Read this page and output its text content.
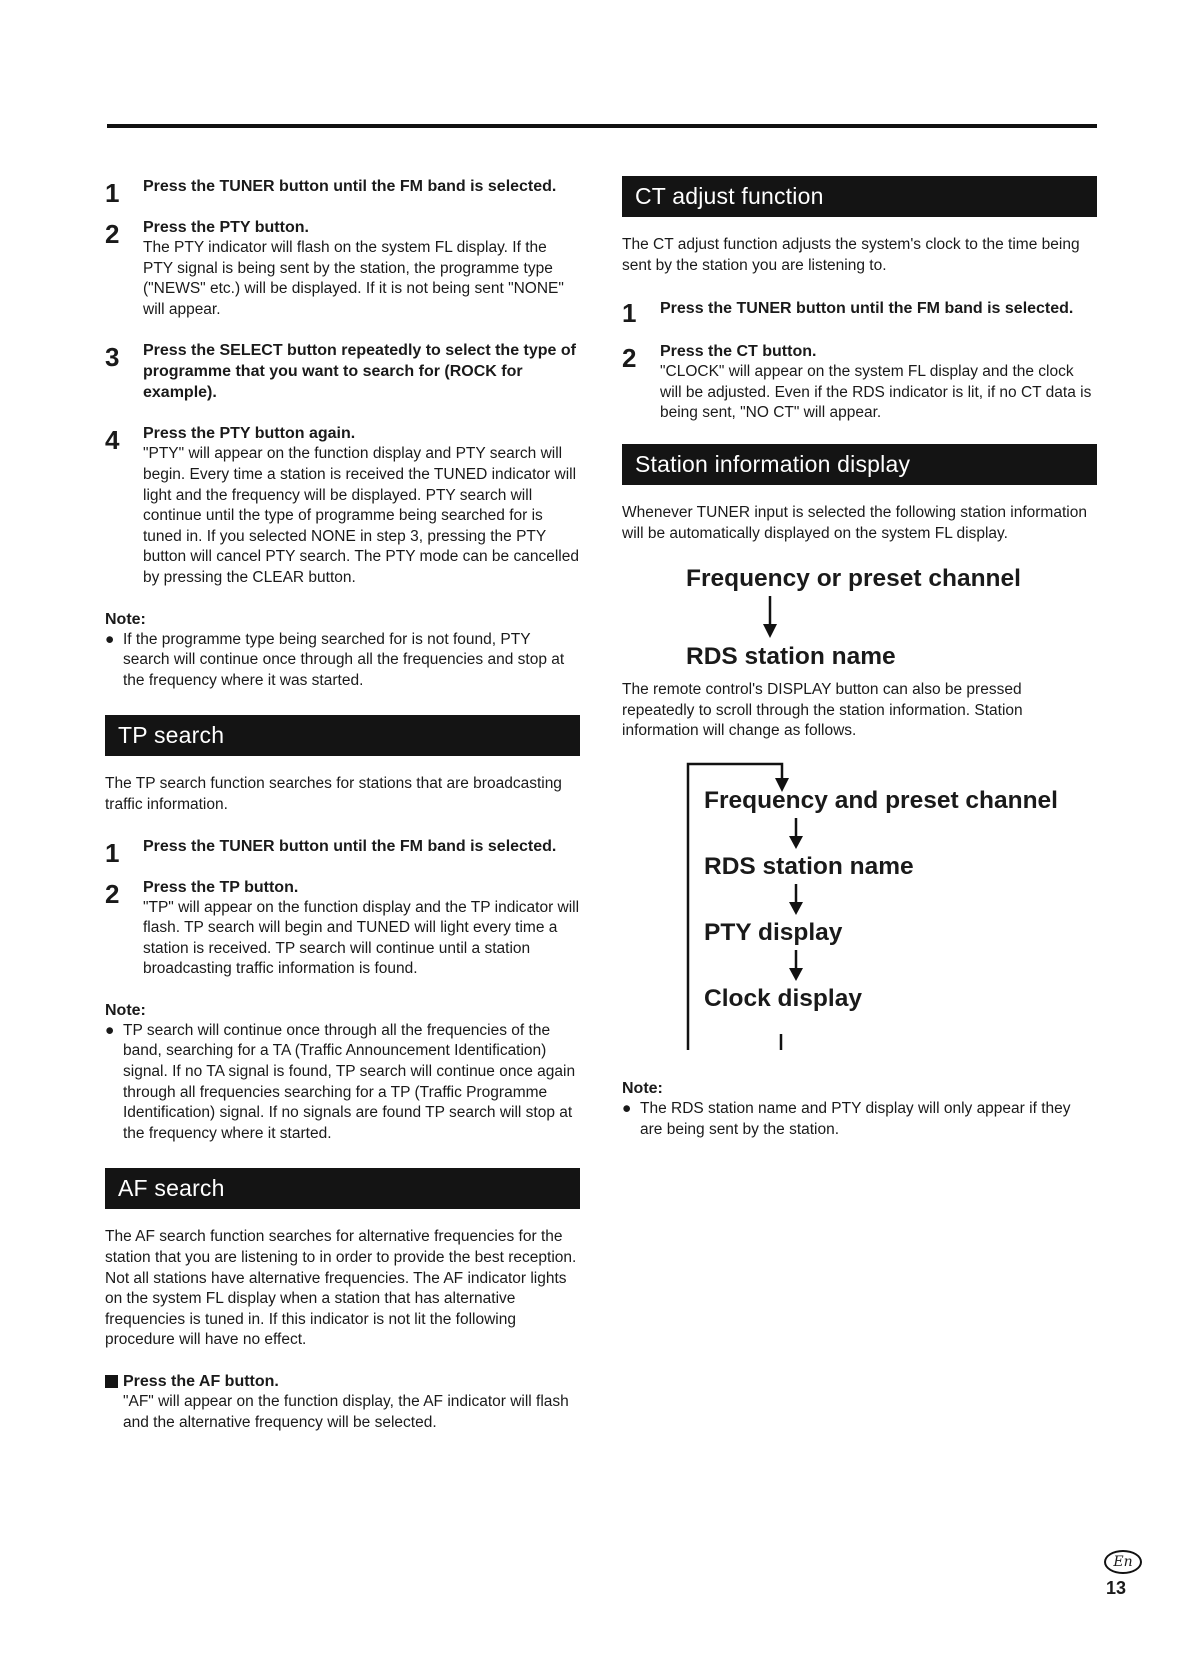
1 Press the TUNER button until the FM band is selected.
2 Press the PTY button.
The PTY indicator will flash on the system FL display. If the PTY signal is being sent by the station, the programme type ("NEWS" etc.) will be displayed. If it is not being sent "NONE" will appear.
3 Press the SELECT button repeatedly to select the type of programme that you want to search for (ROCK for example).
4 Press the PTY button again.
"PTY" will appear on the function display and PTY search will begin. Every time a station is received the TUNED indicator will light and the frequency will be displayed. PTY search will continue until the type of programme being searched for is tuned in. If you selected NONE in step 3, pressing the PTY button will cancel PTY search. The PTY mode can be cancelled by pressing the CLEAR button.
Note:
● If the programme type being searched for is not found, PTY search will continue once through all the frequencies and stop at the frequency where it was started.
TP search
The TP search function searches for stations that are broadcasting traffic information.
1 Press the TUNER button until the FM band is selected.
2 Press the TP button.
"TP" will appear on the function display and the TP indicator will flash. TP search will begin and TUNED will light every time a station is received. TP search will continue until a station broadcasting traffic information is found.
Note:
● TP search will continue once through all the frequencies of the band, searching for a TA (Traffic Announcement Identification) signal. If no TA signal is found, TP search will continue once again through all frequencies searching for a TP (Traffic Programme Identification) signal. If no signals are found TP search will stop at the frequency where it started.
AF search
The AF search function searches for alternative frequencies for the station that you are listening to in order to provide the best reception. Not all stations have alternative frequencies. The AF indicator lights on the system FL display when a station that has alternative frequencies is tuned in. If this indicator is not lit the following procedure will have no effect.
Press the AF button.
"AF" will appear on the function display, the AF indicator will flash and the alternative frequency will be selected.
CT adjust function
The CT adjust function adjusts the system's clock to the time being sent by the station you are listening to.
1 Press the TUNER button until the FM band is selected.
2 Press the CT button.
"CLOCK" will appear on the system FL display and the clock will be adjusted. Even if the RDS indicator is lit, if no CT data is being sent, "NO CT" will appear.
Station information display
Whenever TUNER input is selected the following station information will be automatically displayed on the system FL display.
Frequency or preset channel
RDS station name
The remote control's DISPLAY button can also be pressed repeatedly to scroll through the station information. Station information will change as follows.
Frequency and preset channel
RDS station name
PTY display
Clock display
Note:
● The RDS station name and PTY display will only appear if they are being sent by the station.
En
13
